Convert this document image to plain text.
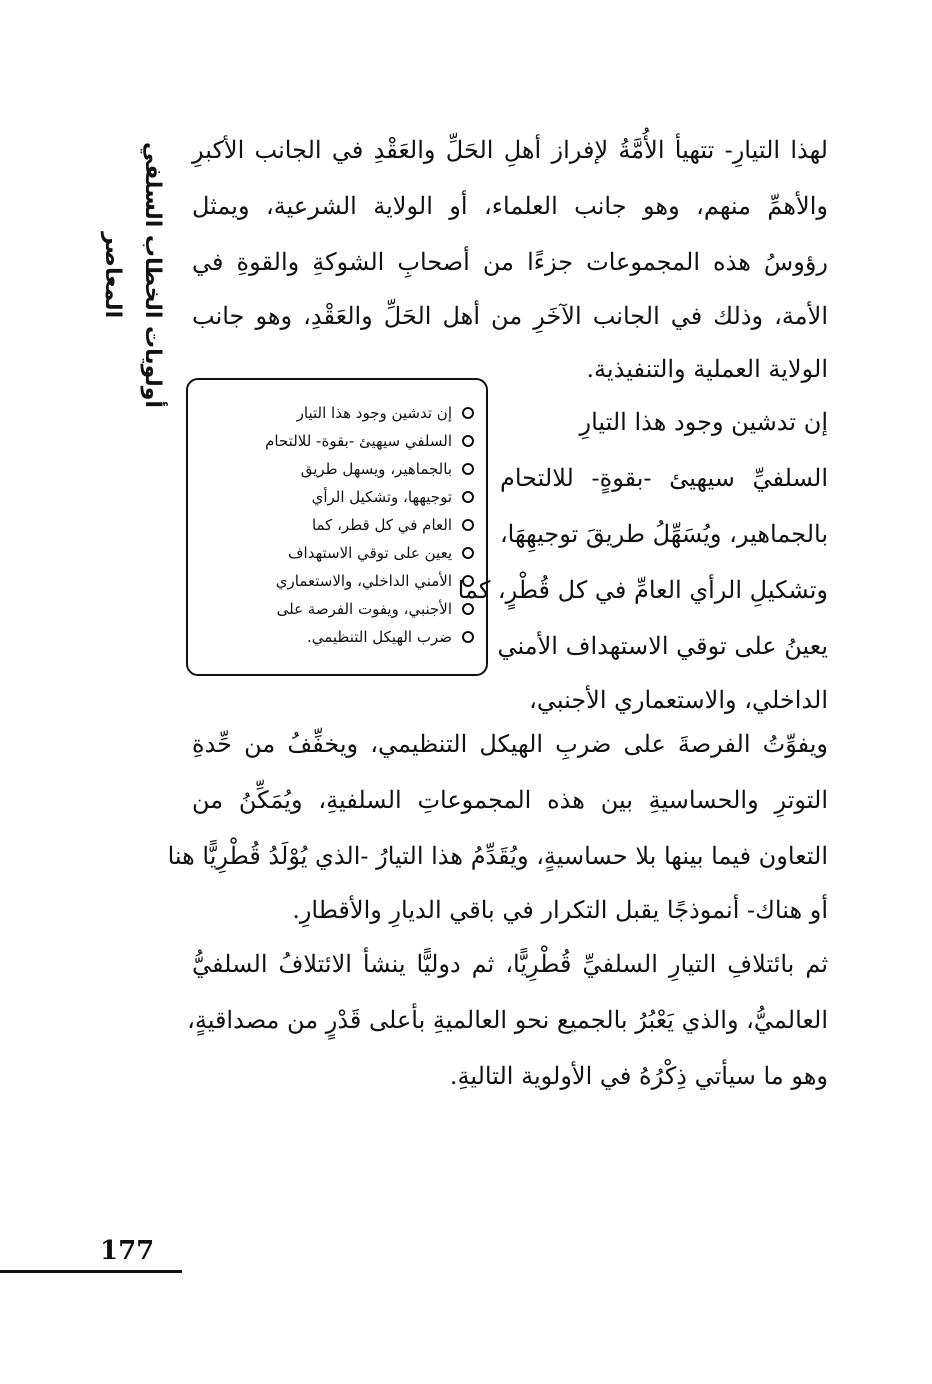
أولويات الخطاب السلفي المعاصر
لهذا التيارِ- تتهيأ الأُمَّةُ لإفراز أهلِ الحَلِّ والعَقْدِ في الجانب الأكبرِ
والأهمِّ منهم، وهو جانب العلماء، أو الولاية الشرعية، ويمثل
رؤوسُ هذه المجموعات جزءًا من أصحابِ الشوكةِ والقوةِ في
الأمة، وذلك في الجانب الآخَرِ من أهل الحَلِّ والعَقْدِ، وهو جانب
الولاية العملية والتنفيذية.
إن تدشين وجود هذا التيارِ
السلفيِّ سيهيئ -بقوةٍ- للالتحام
بالجماهير، ويُسَهِّلُ طريقَ توجيهِهَا،
وتشكيلِ الرأي العامِّ في كل قُطْرٍ، كما
يعينُ على توقي الاستهداف الأمني
الداخلي، والاستعماري الأجنبي،
إن تدشين وجود هذا التيار
السلفي سيهيئ -بقوة- للالتحام
بالجماهير، ويسهل طريق
توجيهها، وتشكيل الرأي
العام في كل قطر، كما
يعين على توقي الاستهداف
الأمني الداخلي، والاستعماري
الأجنبي، ويفوت الفرصة على
ضرب الهيكل التنظيمي.
ويفوِّتُ الفرصةَ على ضربِ الهيكل التنظيمي، ويخفِّفُ من حِّدةِ
التوترِ والحساسيةِ بين هذه المجموعاتِ السلفيةِ، ويُمَكِّنُ من
التعاون فيما بينها بلا حساسيةٍ، ويُقَدِّمُ هذا التيارُ -الذي يُوْلَدُ قُطْرِيًّا هنا
أو هناك- أنموذجًا يقبل التكرار في باقي الديارِ والأقطارِ.
ثم بائتلافِ التيارِ السلفيِّ قُطْرِيًّا، ثم دوليًّا ينشأ الائتلافُ السلفيُّ
العالميُّ، والذي يَعْبُرُ بالجميع نحو العالميةِ بأعلى قَدْرٍ من مصداقيةٍ،
وهو ما سيأتي ذِكْرُهُ في الأولوية التاليةِ.
177
